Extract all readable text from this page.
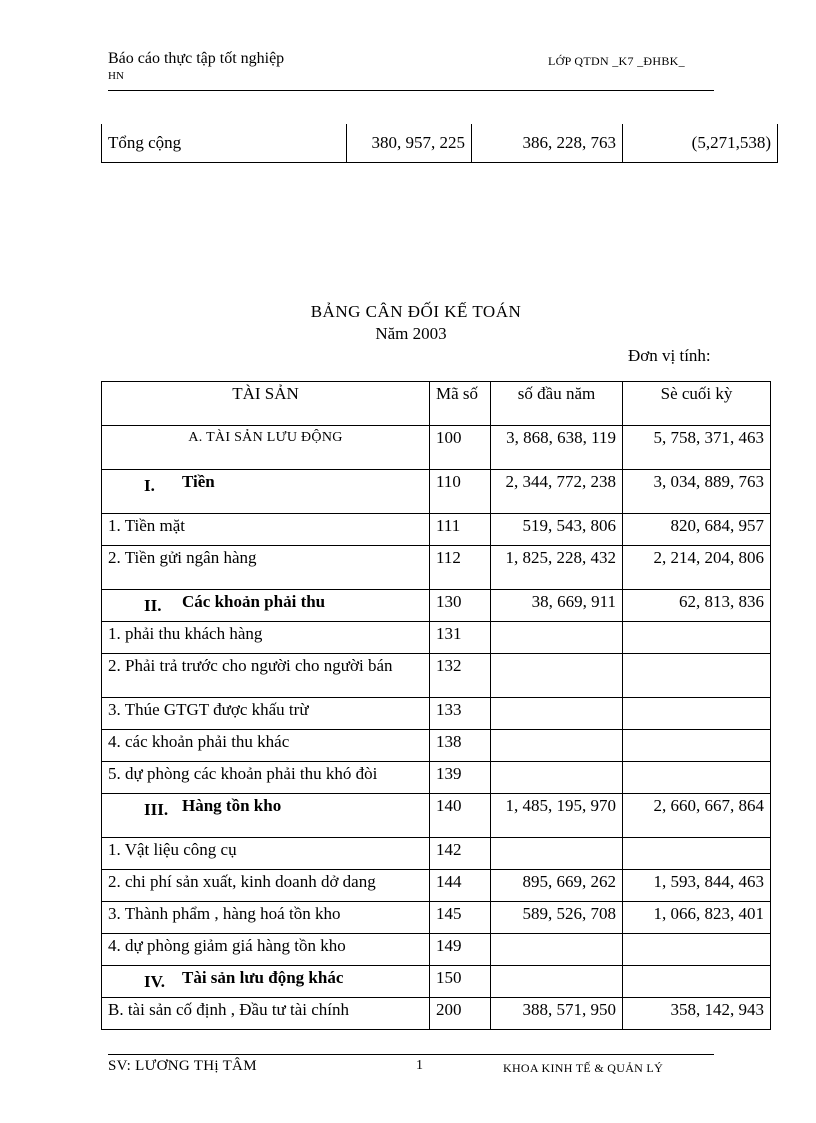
Báo cáo thực tập tốt nghiệp
HN
LỚP QTDN _K7 _ĐHBK_
Tổng cộng	380, 957, 225	386, 228, 763	(5,271,538)
BẢNG CÂN ĐỐI KẾ TOÁN
Năm 2003
Đơn vị tính:
TÀI SẢN	Mã số	số đầu năm	Sè cuối kỳ
A. TÀI SẢN LƯU ĐỘNG	100	3, 868, 638, 119	5, 758, 371, 463
I. Tiền	110	2, 344, 772, 238	3, 034, 889, 763
1. Tiền mặt	111	519, 543, 806	820, 684, 957
2. Tiền gửi ngân hàng	112	1, 825, 228, 432	2, 214, 204, 806
II. Các khoản phải thu	130	38, 669, 911	62, 813, 836
1. phải thu khách hàng	131		
2. Phải trả trước cho người cho người bán	132		
3. Thúe GTGT được khấu trừ	133		
4. các khoản phải thu khác	138		
5. dự phòng các khoản phải thu khó đòi	139		
III. Hàng tồn kho	140	1, 485, 195, 970	2, 660, 667, 864
1. Vật liệu công cụ	142		
2. chi phí sản xuất, kinh doanh dở dang	144	895, 669, 262	1, 593, 844, 463
3. Thành phẩm , hàng hoá tồn kho	145	589, 526, 708	1, 066, 823, 401
4. dự phòng giảm giá hàng tồn kho	149		
IV. Tài sản lưu động khác	150		
B. tài sản cố định , Đầu tư tài chính	200	388, 571, 950	358, 142, 943
SV: LƯƠNG THị TÂM	1	KHOA KINH TẾ & QUẢN LÝ
